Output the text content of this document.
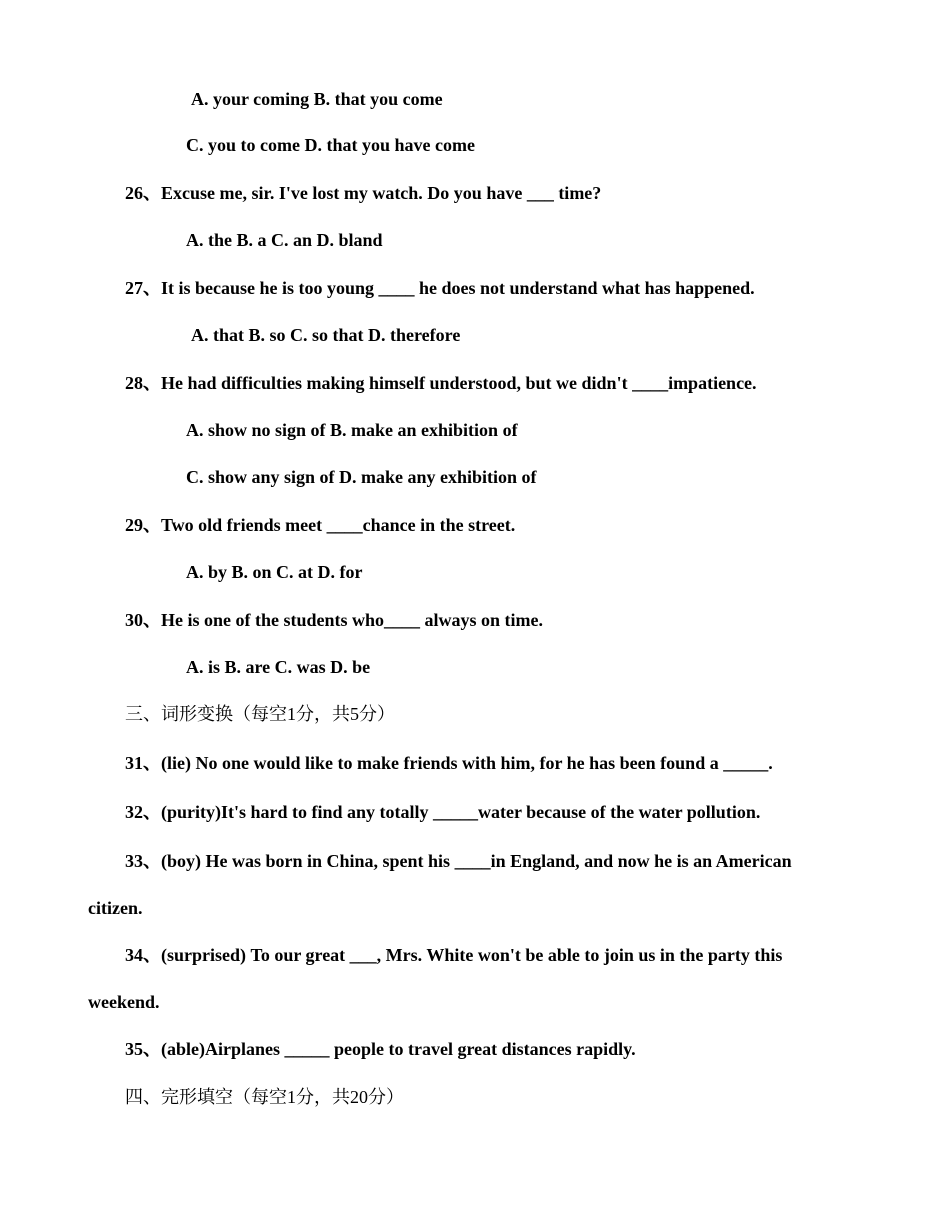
A. your coming B. that you come
C. you to come D. that you have come
26、Excuse me, sir. I've lost my watch. Do you have ___ time?
A. the B. a C. an D. bland
27、It is because he is too young ____ he does not understand what has happened.
A. that B. so C. so that D. therefore
28、He had difficulties making himself understood, but we didn't ____impatience.
A. show no sign of B. make an exhibition of
C. show any sign of D. make any exhibition of
29、Two old friends meet ____chance in the street.
A. by B. on C. at D. for
30、He is one of the students who____ always on time.
A. is B. are C. was D. be
三、词形变换（每空1分，共5分）
31、(lie) No one would like to make friends with him, for he has been found a _____.
32、(purity)It's hard to find any totally _____water because of the water pollution.
33、(boy) He was born in China, spent his ____in England, and now he is an American
citizen.
34、(surprised) To our great ___, Mrs. White won't be able to join us in the party this
weekend.
35、(able)Airplanes _____ people to travel great distances rapidly.
四、完形填空（每空1分，共20分）
